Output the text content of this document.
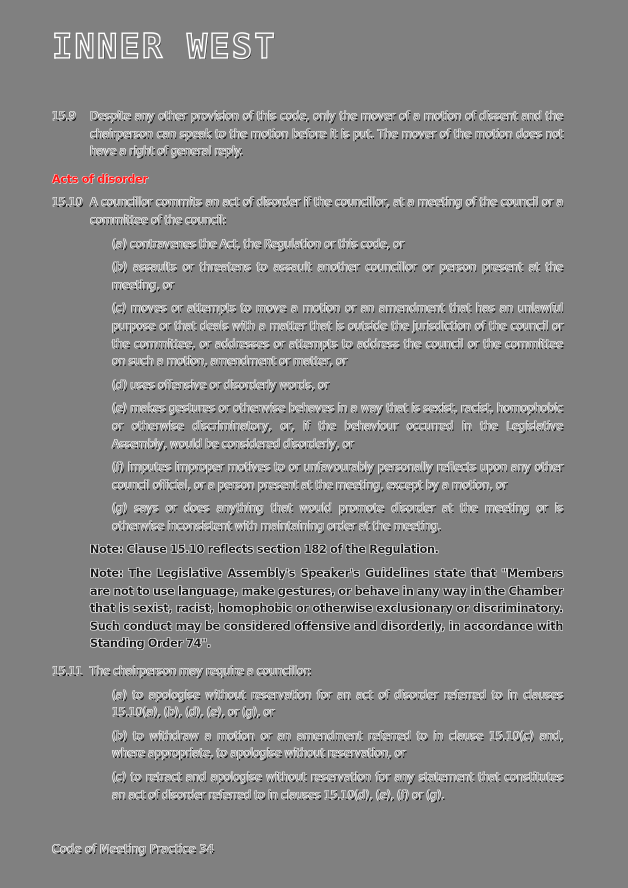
INNER WEST
15.9	Despite any other provision of this code, only the mover of a motion of dissent and the chairperson can speak to the motion before it is put. The mover of the motion does not have a right of general reply.
Acts of disorder
15.10 A councillor commits an act of disorder if the councillor, at a meeting of the council or a committee of the council:
(a) contravenes the Act, the Regulation or this code, or
(b) assaults or threatens to assault another councillor or person present at the meeting, or
(c) moves or attempts to move a motion or an amendment that has an unlawful purpose or that deals with a matter that is outside the jurisdiction of the council or the committee, or addresses or attempts to address the council or the committee on such a motion, amendment or matter, or
(d) uses offensive or disorderly words, or
(e) makes gestures or otherwise behaves in a way that is sexist, racist, homophobic or otherwise discriminatory, or, if the behaviour occurred in the Legislative Assembly, would be considered disorderly, or
(f) imputes improper motives to or unfavourably personally reflects upon any other council official, or a person present at the meeting, except by a motion, or
(g) says or does anything that would promote disorder at the meeting or is otherwise inconsistent with maintaining order at the meeting.
Note: Clause 15.10 reflects section 182 of the Regulation.
Note: The Legislative Assembly's Speaker's Guidelines state that "Members are not to use language, make gestures, or behave in any way in the Chamber that is sexist, racist, homophobic or otherwise exclusionary or discriminatory. Such conduct may be considered offensive and disorderly, in accordance with Standing Order 74".
15.11 The chairperson may require a councillor:
(a) to apologise without reservation for an act of disorder referred to in clauses 15.10(a), (b), (d), (e), or (g), or
(b) to withdraw a motion or an amendment referred to in clause 15.10(c) and, where appropriate, to apologise without reservation, or
(c) to retract and apologise without reservation for any statement that constitutes an act of disorder referred to in clauses 15.10(d), (e), (f) or (g).
Code of Meeting Practice 34
